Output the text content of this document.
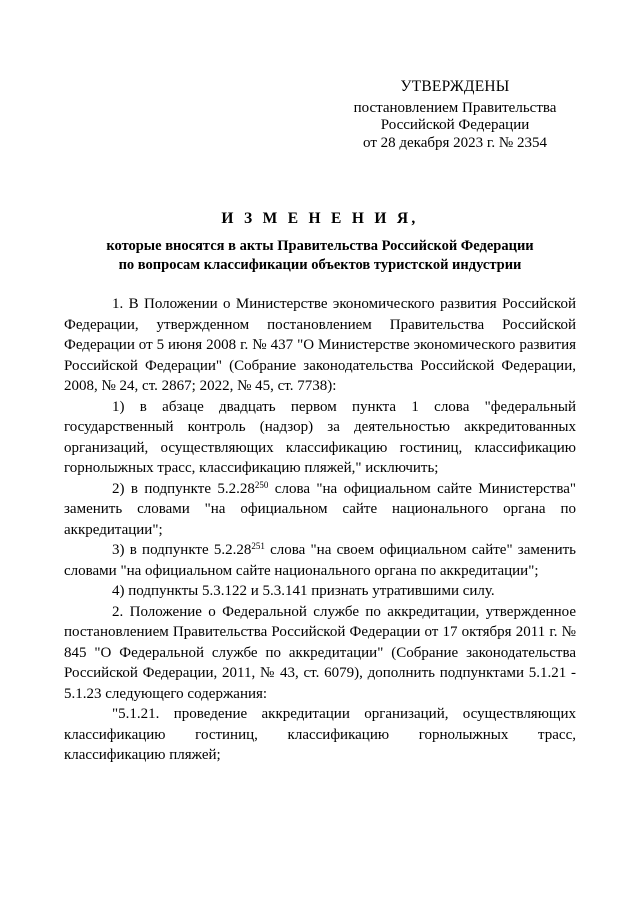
УТВЕРЖДЕНЫ
постановлением Правительства
Российской Федерации
от 28 декабря 2023 г. № 2354
И З М Е Н Е Н И Я,
которые вносятся в акты Правительства Российской Федерации
по вопросам классификации объектов туристской индустрии

1. В Положении о Министерстве экономического развития Российской Федерации, утвержденном постановлением Правительства Российской Федерации от 5 июня 2008 г. № 437 "О Министерстве экономического развития Российской Федерации" (Собрание законодательства Российской Федерации, 2008, № 24, ст. 2867; 2022, № 45, ст. 7738):

1) в абзаце двадцать первом пункта 1 слова "федеральный государственный контроль (надзор) за деятельностью аккредитованных организаций, осуществляющих классификацию гостиниц, классификацию горнолыжных трасс, классификацию пляжей," исключить;

2) в подпункте 5.2.28$^{250}$ слова "на официальном сайте Министерства" заменить словами "на официальном сайте национального органа по аккредитации";

3) в подпункте 5.2.28$^{251}$ слова "на своем официальном сайте" заменить словами "на официальном сайте национального органа по аккредитации";

4) подпункты 5.3.122 и 5.3.141 признать утратившими силу.

2. Положение о Федеральной службе по аккредитации, утвержденное постановлением Правительства Российской Федерации от 17 октября 2011 г. № 845 "О Федеральной службе по аккредитации" (Собрание законодательства Российской Федерации, 2011, № 43, ст. 6079), дополнить подпунктами 5.1.21 - 5.1.23 следующего содержания:

"5.1.21. проведение аккредитации организаций, осуществляющих классификацию гостиниц, классификацию горнолыжных трасс, классификацию пляжей;
